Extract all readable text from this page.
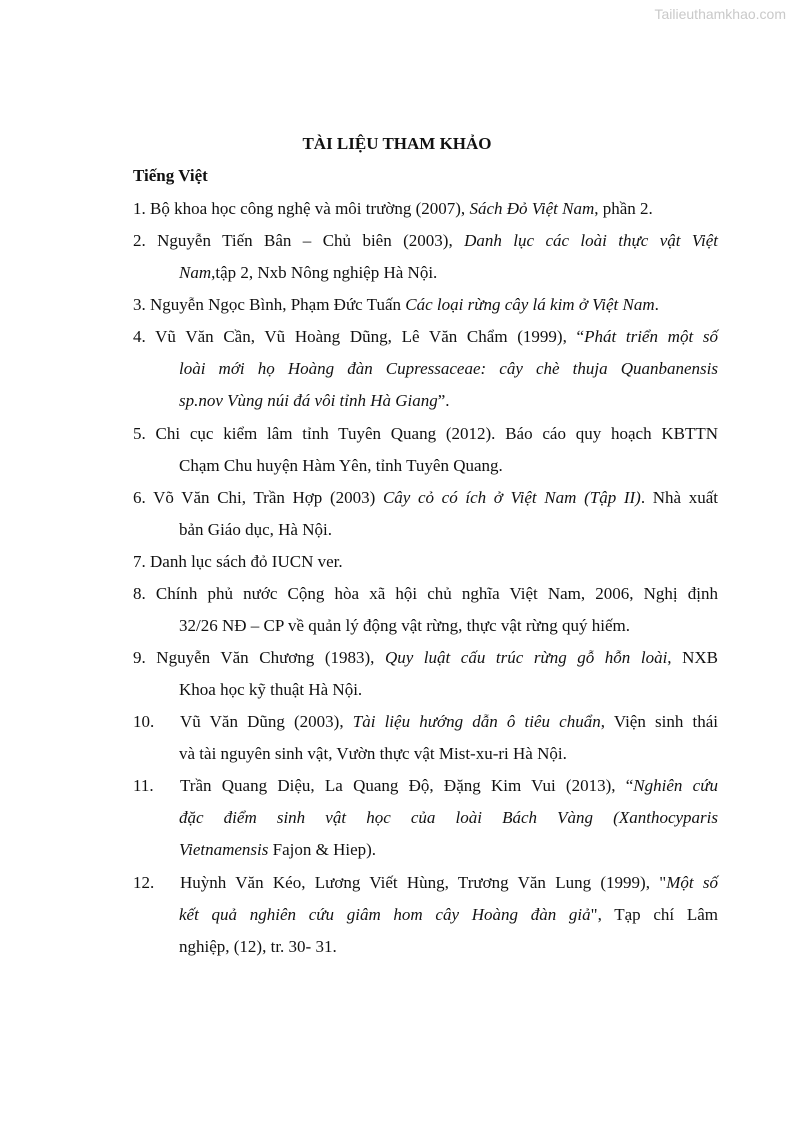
Tailieuthamkhao.com
TÀI LIỆU THAM KHẢO
Tiếng Việt
1. Bộ khoa học công nghệ và môi trường (2007), Sách Đỏ Việt Nam, phần 2.
2. Nguyễn Tiến Bân – Chủ biên (2003), Danh lục các loài thực vật Việt
Nam,tập 2, Nxb Nông nghiệp Hà Nội.
3. Nguyễn Ngọc Bình, Phạm Đức Tuấn Các loại rừng cây lá kim ở Việt Nam.
4. Vũ Văn Cần, Vũ Hoàng Dũng, Lê Văn Chẩm (1999), “Phát triển một số
loài mới họ Hoàng đàn Cupressaceae: cây chè thuja Quanbanensis
sp.nov Vùng núi đá vôi tỉnh Hà Giang”.
5. Chi cục kiểm lâm tỉnh Tuyên Quang (2012). Báo cáo quy hoạch KBTTN
Chạm Chu huyện Hàm Yên, tỉnh Tuyên Quang.
6. Võ Văn Chi, Trần Hợp (2003) Cây cỏ có ích ở Việt Nam (Tập II). Nhà xuất
bản Giáo dục, Hà Nội.
7. Danh lục sách đỏ IUCN ver.
8. Chính phủ nước Cộng hòa xã hội chủ nghĩa Việt Nam, 2006, Nghị định
32/26 NĐ – CP về quản lý động vật rừng, thực vật rừng quý hiếm.
9. Nguyễn Văn Chương (1983), Quy luật cấu trúc rừng gỗ hỗn loài, NXB
Khoa học kỹ thuật Hà Nội.
10. Vũ Văn Dũng (2003), Tài liệu hướng dẫn ô tiêu chuẩn, Viện sinh thái
và tài nguyên sinh vật, Vườn thực vật Mist-xu-ri Hà Nội.
11. Trần Quang Diệu, La Quang Độ, Đặng Kim Vui (2013), “Nghiên cứu
đặc điểm sinh vật học của loài Bách Vàng (Xanthocyparis
Vietnamensis Fajon & Hiep).
12. Huỳnh Văn Kéo, Lương Viết Hùng, Trương Văn Lung (1999), "Một số
kết quả nghiên cứu giâm hom cây Hoàng đàn giả", Tạp chí Lâm
nghiệp, (12), tr. 30- 31.
